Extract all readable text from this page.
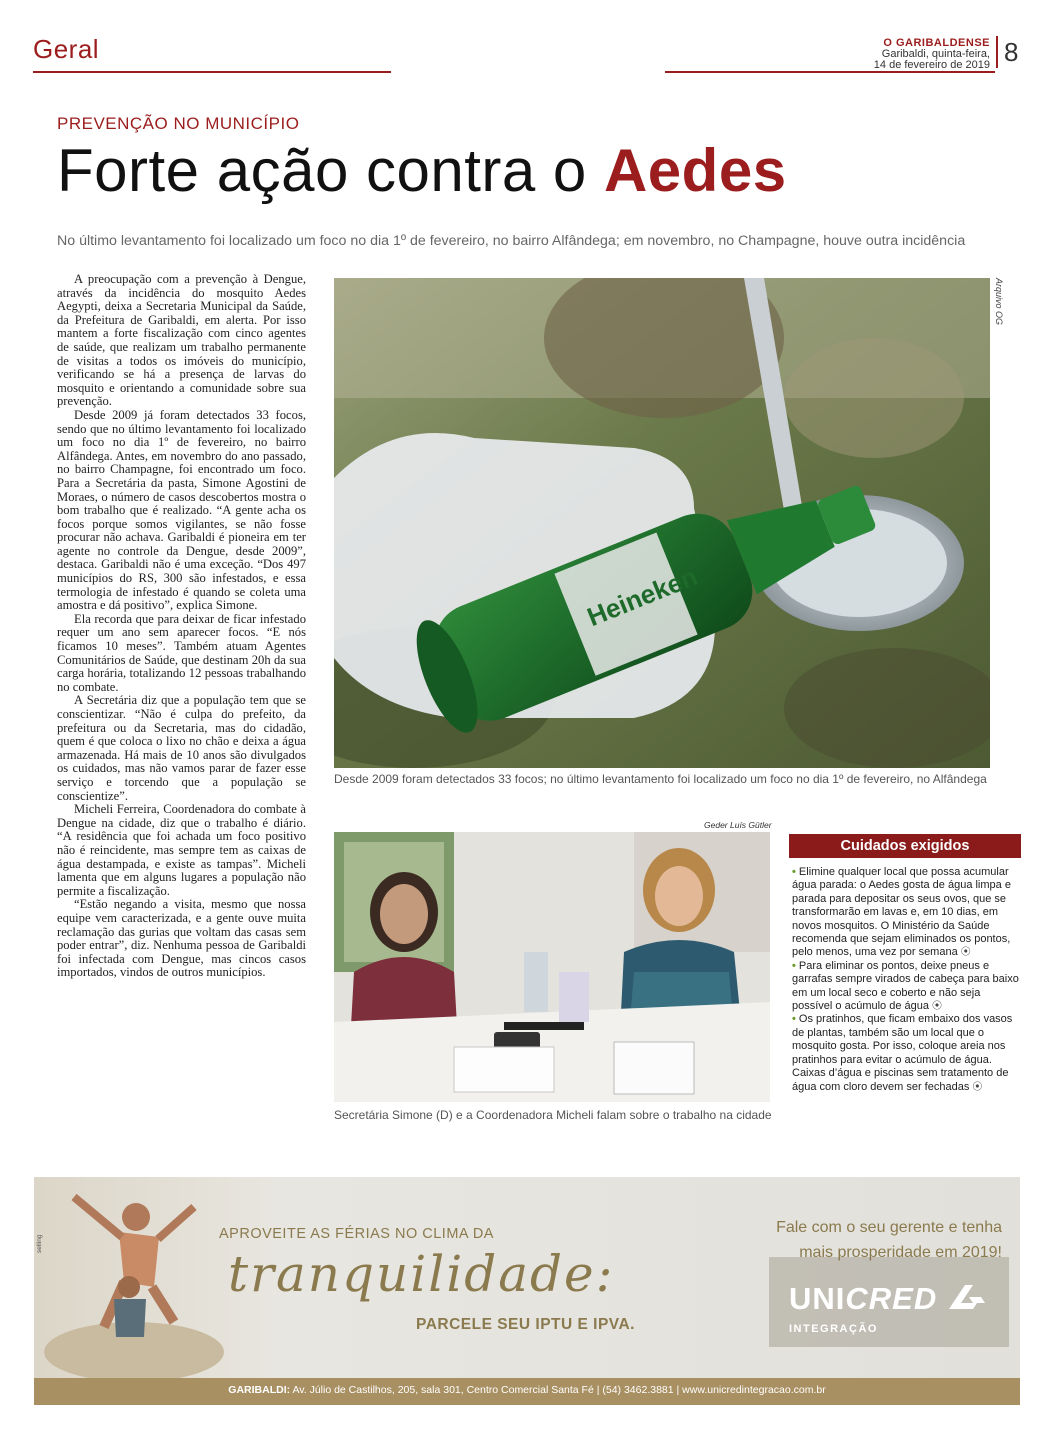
Geral	O GARIBALDENSE
Garibaldi, quinta-feira,
14 de fevereiro de 2019 8
PREVENÇÃO NO MUNICÍPIO
Forte ação contra o Aedes
No último levantamento foi localizado um foco no dia 1º de fevereiro, no bairro Alfândega; em novembro, no Champagne, houve outra incidência

A preocupação com a prevenção à Dengue, através da incidência do mosquito Aedes Aegypti, deixa a Secretaria Municipal da Saúde, da Prefeitura de Garibaldi, em alerta. Por isso mantem a forte fiscalização com cinco agentes de saúde, que realizam um trabalho permanente de visitas a todos os imóveis do município, verificando se há a presença de larvas do mosquito e orientando a comunidade sobre sua prevenção.

Desde 2009 já foram detectados 33 focos, sendo que no último levantamento foi localizado um foco no dia 1º de fevereiro, no bairro Alfândega. Antes, em novembro do ano passado, no bairro Champagne, foi encontrado um foco. Para a Secretária da pasta, Simone Agostini de Moraes, o número de casos descobertos mostra o bom trabalho que é realizado. “A gente acha os focos porque somos vigilantes, se não fosse procurar não achava. Garibaldi é pioneira em ter agente no controle da Dengue, desde 2009”, destaca. Garibaldi não é uma exceção. “Dos 497 municípios do RS, 300 são infestados, e essa termologia de infestado é quando se coleta uma amostra e dá positivo”, explica Simone.

Ela recorda que para deixar de ficar infestado requer um ano sem aparecer focos. “E nós ficamos 10 meses”. Também atuam Agentes Comunitários de Saúde, que destinam 20h da sua carga horária, totalizando 12 pessoas trabalhando no combate.

A Secretária diz que a população tem que se conscientizar. “Não é culpa do prefeito, da prefeitura ou da Secretaria, mas do cidadão, quem é que coloca o lixo no chão e deixa a água armazenada. Há mais de 10 anos são divulgados os cuidados, mas não vamos parar de fazer esse serviço e torcendo que a população se conscientize”.

Micheli Ferreira, Coordenadora do combate à Dengue na cidade, diz que o trabalho é diário. “A residência que foi achada um foco positivo não é reincidente, mas sempre tem as caixas de água destampada, e existe as tampas”. Micheli lamenta que em alguns lugares a população não permite a fiscalização.

“Estão negando a visita, mesmo que nossa equipe vem caracterizada, e a gente ouve muita reclamação das gurias que voltam das casas sem poder entrar”, diz. Nenhuma pessoa de Garibaldi foi infectada com Dengue, mas cincos casos importados, vindos de outros municípios.

Heineken
Arquivo OG
Desde 2009 foram detectados 33 focos; no último levantamento foi localizado um foco no dia 1º de fevereiro, no Alfândega
Geder Luís Gütler
Secretária Simone (D) e a Coordenadora Micheli falam sobre o trabalho na cidade
Cuidados exigidos

• Elimine qualquer local que possa acumular água parada: o Aedes gosta de água limpa e parada para depositar os seus ovos, que se transformarão em lavas e, em 10 dias, em novos mosquitos. O Ministério da Saúde recomenda que sejam eliminados os pontos, pelo menos, uma vez por semana ⦿

• Para eliminar os pontos, deixe pneus e garrafas sempre virados de cabeça para baixo em um local seco e coberto e não seja possível o acúmulo de água ⦿

• Os pratinhos, que ficam embaixo dos vasos de plantas, também são um local que o mosquito gosta. Por isso, coloque areia nos pratinhos para evitar o acúmulo de água. Caixas d’água e piscinas sem tratamento de água com cloro devem ser fechadas ⦿

selling
APROVEITE AS FÉRIAS NO CLIMA DA
tranquilidade:
PARCELE SEU IPTU E IPVA.
Fale com o seu gerente e tenha
mais prosperidade em 2019!
UNICRED
INTEGRAÇÃO
GARIBALDI: Av. Júlio de Castilhos, 205, sala 301, Centro Comercial Santa Fé | (54) 3462.3881 | www.unicredintegracao.com.br
